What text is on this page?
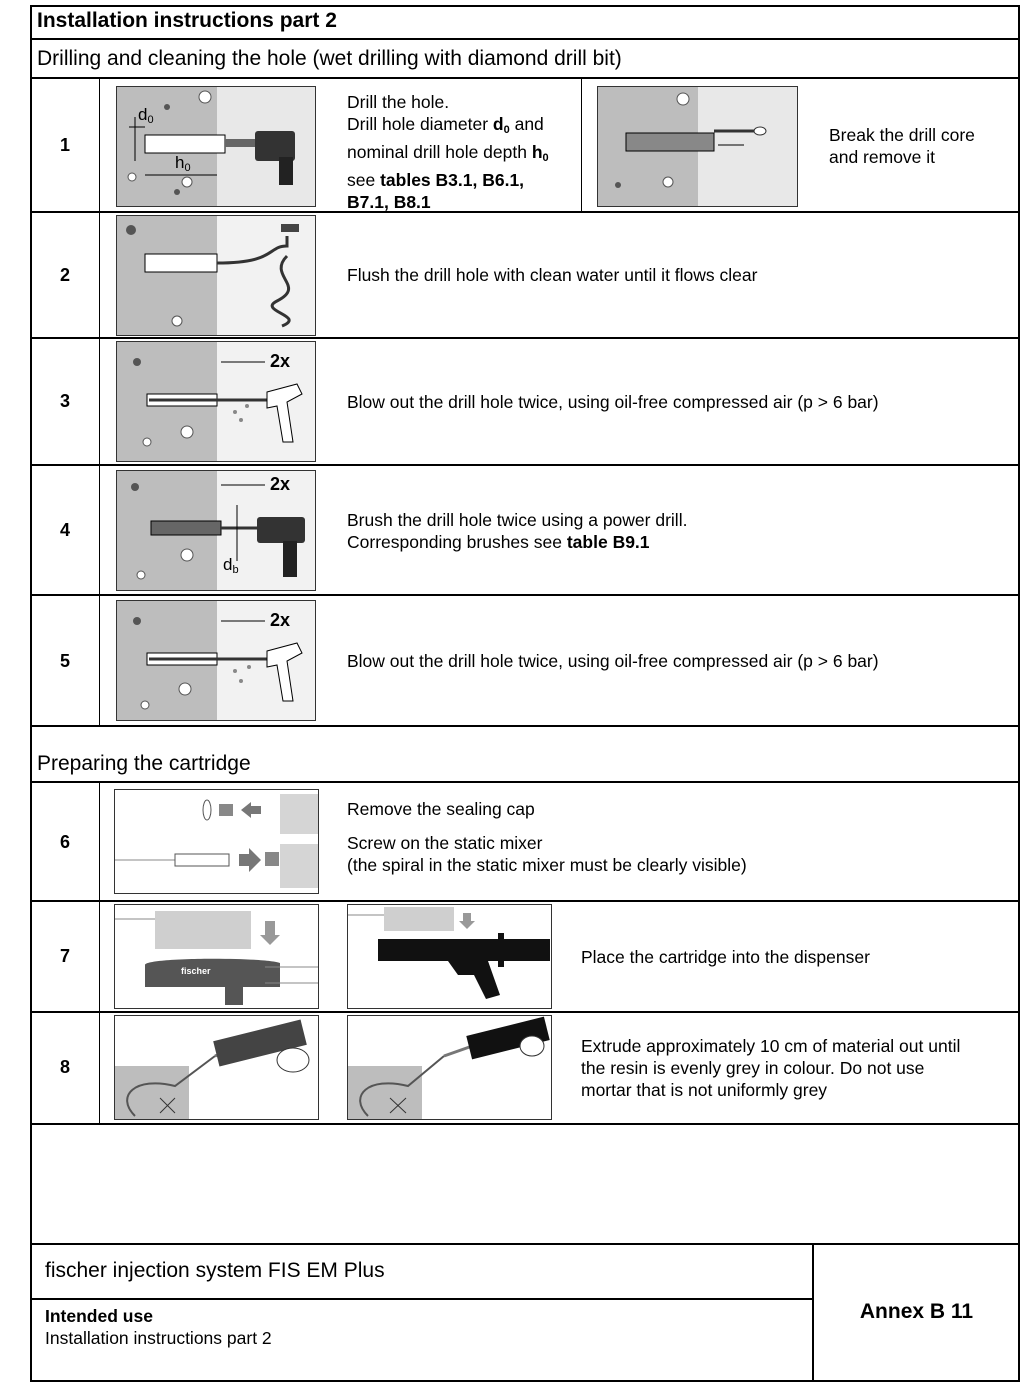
Installation instructions part 2
Drilling and cleaning the hole (wet drilling with diamond drill bit)
1
$d_0$
$h_0$
Drill the hole.
Drill hole diameter $d_0$ and
nominal drill hole depth $h_0$
see tables B3.1, B6.1,
B7.1, B8.1
Break the drill core
and remove it
2	Flush the drill hole with clean water until it flows clear
3
2x
Blow out the drill hole twice, using oil-free compressed air (p > 6 bar)
4
2x
$d_b$
Brush the drill hole twice using a power drill.
Corresponding brushes see table B9.1
5
2x
Blow out the drill hole twice, using oil-free compressed air (p > 6 bar)
Preparing the cartridge
6
Remove the sealing cap
Screw on the static mixer
(the spiral in the static mixer must be clearly visible)
7
fischer
Place the cartridge into the dispenser
8
Extrude approximately 10 cm of material out until
the resin is evenly grey in colour. Do not use
mortar that is not uniformly grey
fischer injection system FIS EM Plus
Intended use
Installation instructions part 2
Annex B 11
